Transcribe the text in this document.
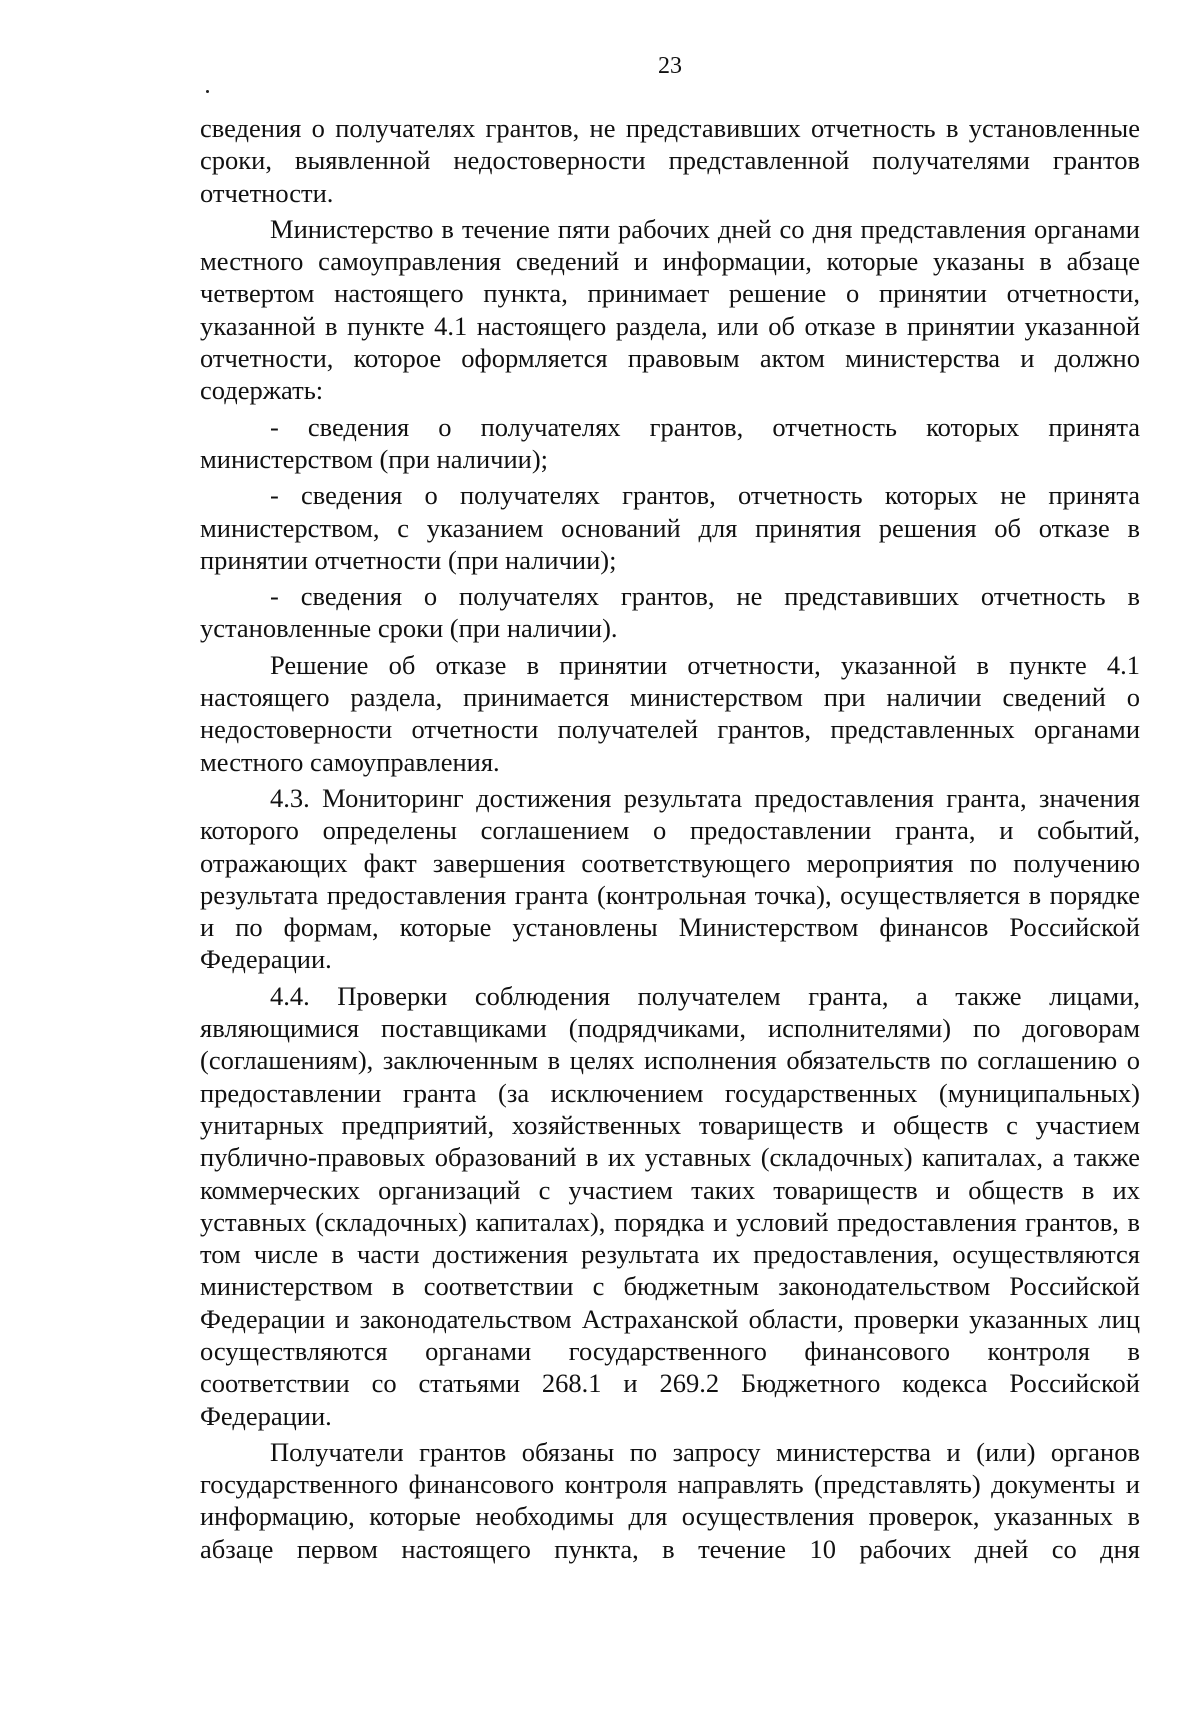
23

сведения о получателях грантов, не представивших отчетность в установленные сроки, выявленной недостоверности представленной получателями грантов отчетности.

Министерство в течение пяти рабочих дней со дня представления органами местного самоуправления сведений и информации, которые указаны в абзаце четвертом настоящего пункта, принимает решение о принятии отчетности, указанной в пункте 4.1 настоящего раздела, или об отказе в принятии указанной отчетности, которое оформляется правовым актом министерства и должно содержать:

- сведения о получателях грантов, отчетность которых принята министерством (при наличии);

- сведения о получателях грантов, отчетность которых не принята министерством, с указанием оснований для принятия решения об отказе в принятии отчетности (при наличии);

- сведения о получателях грантов, не представивших отчетность в установленные сроки (при наличии).

Решение об отказе в принятии отчетности, указанной в пункте 4.1 настоящего раздела, принимается министерством при наличии сведений о недостоверности отчетности получателей грантов, представленных органами местного самоуправления.

4.3. Мониторинг достижения результата предоставления гранта, значения которого определены соглашением о предоставлении гранта, и событий, отражающих факт завершения соответствующего мероприятия по получению результата предоставления гранта (контрольная точка), осуществляется в порядке и по формам, которые установлены Министерством финансов Российской Федерации.

4.4. Проверки соблюдения получателем гранта, а также лицами, являющимися поставщиками (подрядчиками, исполнителями) по договорам (соглашениям), заключенным в целях исполнения обязательств по соглашению о предоставлении гранта (за исключением государственных (муниципальных) унитарных предприятий, хозяйственных товариществ и обществ с участием публично-правовых образований в их уставных (складочных) капиталах, а также коммерческих организаций с участием таких товариществ и обществ в их уставных (складочных) капиталах), порядка и условий предоставления грантов, в том числе в части достижения результата их предоставления, осуществляются министерством в соответствии с бюджетным законодательством Российской Федерации и законодательством Астраханской области, проверки указанных лиц осуществляются органами государственного финансового контроля в соответствии со статьями 268.1 и 269.2 Бюджетного кодекса Российской Федерации.

Получатели грантов обязаны по запросу министерства и (или) органов государственного финансового контроля направлять (представлять) документы и информацию, которые необходимы для осуществления проверок, указанных в абзаце первом настоящего пункта, в течение 10 рабочих дней со дня
